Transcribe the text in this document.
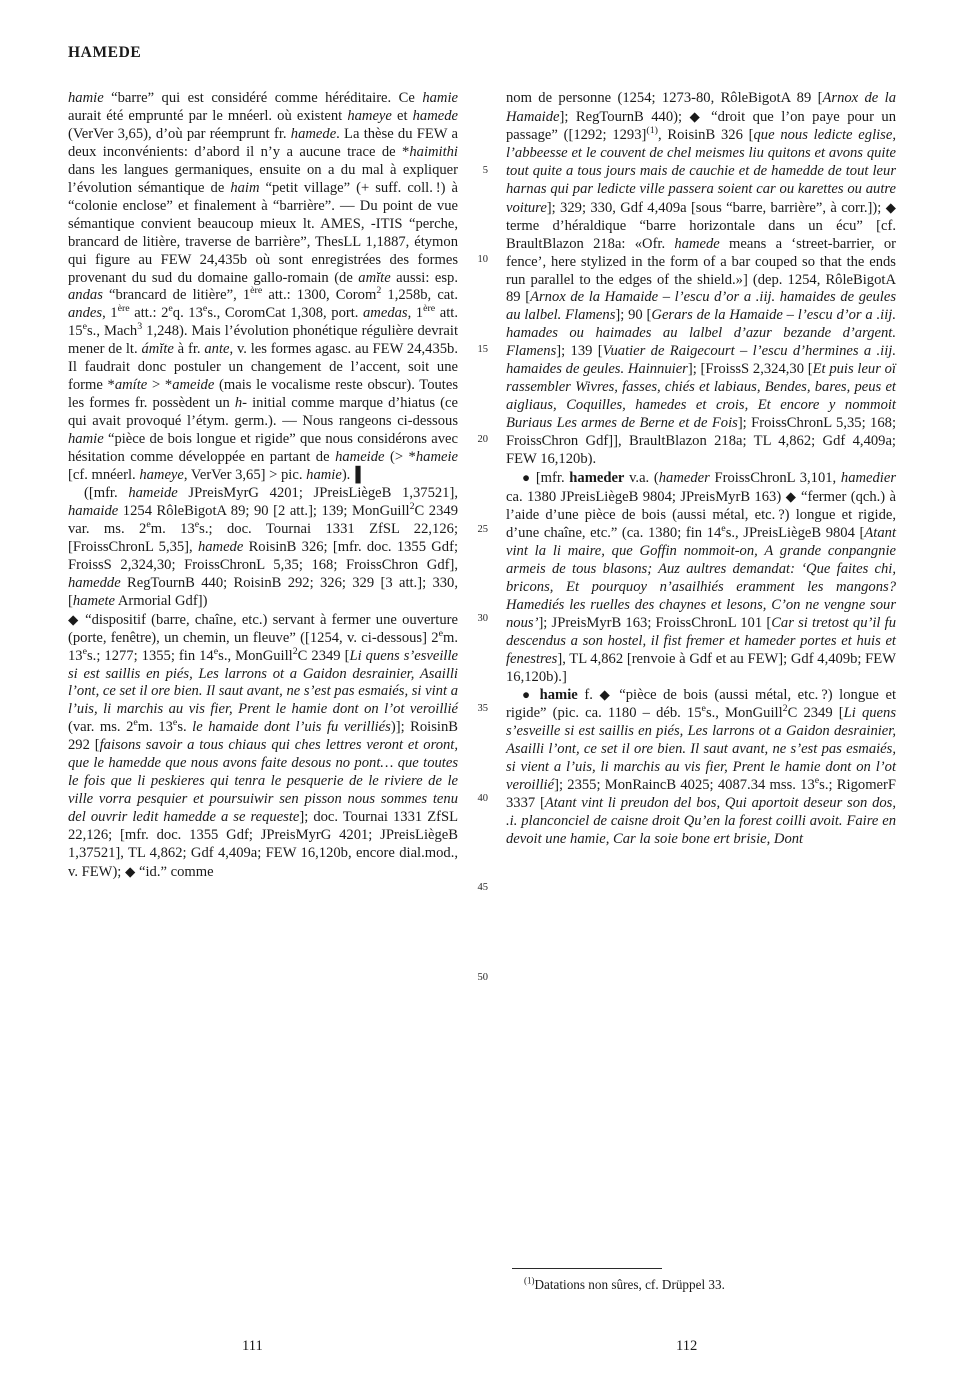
HAMEDE

hamie “barre” qui est considéré comme héréditaire. Ce hamie aurait été emprunté par le mnéerl. où existent hameye et hamede (VerVer 3,65), d’où par réemprunt fr. hamede. La thèse du FEW a deux inconvénients: d’abord il n’y a aucune trace de *haimithi dans les langues germaniques, ensuite on a du mal à expliquer l’évolution sémantique de haim “petit village” (+ suff. coll. !) à “colonie enclose” et finalement à “barrière”. — Du point de vue sémantique convient beaucoup mieux lt. AMES, -ITIS “perche, brancard de litière, traverse de barrière”, ThesLL 1,1887, étymon qui figure au FEW 24,435b où sont enregistrées des formes provenant du sud du domaine gallo-romain (de amĭte aussi: esp. andas “brancard de litière”, 1ère att.: 1300, Corom$^2$ 1,258b, cat. andes, 1ère att.: 2eq. 13es., CoromCat 1,308, port. amedas, 1ère att. 15es., Mach$^3$ 1,248). Mais l’évolution phonétique régulière devrait mener de lt. ámĭte à fr. ante, v. les formes agasc. au FEW 24,435b. Il faudrait donc postuler un changement de l’accent, soit une forme *amíte > *ameide (mais le vocalisme reste obscur). Toutes les formes fr. possèdent un h- initial comme marque d’hiatus (ce qui avait provoqué l’étym. germ.). — Nous rangeons ci-dessous hamie “pièce de bois longue et rigide” que nous considérons avec hésitation comme développée en partant de hameide (> *hameie [cf. mnéerl. hameye, VerVer 3,65] > pic. hamie).▐

([mfr. hameide JPreisMyrG 4201; JPreisLiègeB 1,37521], hamaide 1254 RôleBigotA 89; 90 [2 att.]; 139; MonGuill$^2$C 2349 var. ms. 2em. 13es.; doc. Tournai 1331 ZfSL 22,126; [FroissChronL 5,35], hamede RoisinB 326; [mfr. doc. 1355 Gdf; FroissS 2,324,30; FroissChronL 5,35; 168; FroissChron Gdf], hamedde RegTournB 440; RoisinB 292; 326; 329 [3 att.]; 330, [hamete Armorial Gdf])

◆ “dispositif (barre, chaîne, etc.) servant à fermer une ouverture (porte, fenêtre), un chemin, un fleuve” ([1254, v. ci-dessous] 2em. 13es.; 1277; 1355; fin 14es., MonGuill$^2$C 2349 [Li quens s’esveille si est saillis en piés, Les larrons ot a Gaidon desrainier, Asailli l’ont, ce set il ore bien. Il saut avant, ne s’est pas esmaiés, si vint a l’uis, li marchis au vis fier, Prent le hamie dont on l’ot veroillié (var. ms. 2em. 13es. le hamaide dont l’uis fu verilliés)]; RoisinB 292 [faisons savoir a tous chiaus qui ches lettres veront et oront, que le hamedde que nous avons faite desous no pont… que toutes le fois que li peskieres qui tenra le pesquerie de le riviere de le ville vorra pesquier et poursuiwir sen pisson nous sommes tenu del ouvrir ledit hamedde a se requeste]; doc. Tournai 1331 ZfSL 22,126; [mfr. doc. 1355 Gdf; JPreisMyrG 4201; JPreisLiègeB 1,37521], TL 4,862; Gdf 4,409a; FEW 16,120b, encore dial.mod., v. FEW); ◆ “id.” comme

nom de personne (1254; 1273-80, RôleBigotA 89 [Arnox de la Hamaide]; RegTournB 440); ◆ “droit que l’on paye pour un passage” ([1292; 1293]$^{(1)}$, RoisinB 326 [que nous ledicte eglise, l’abbeesse et le couvent de chel meismes liu quitons et avons quite tout quite a tous jours mais de cauchie et de hamedde de tout leur harnas qui par ledicte ville passera soient car ou karettes ou autre voiture]; 329; 330, Gdf 4,409a [sous “barre, barrière”, à corr.]); ◆ terme d’héraldique “barre horizontale dans un écu” [cf. BraultBlazon 218a: «Ofr. hamede means a ‘street-barrier, or fence’, here stylized in the form of a bar couped so that the ends run parallel to the edges of the shield.»] (dep. 1254, RôleBigotA 89 [Arnox de la Hamaide – l’escu d’or a .iij. hamaides de geules au lalbel. Flamens]; 90 [Gerars de la Hamaide – l’escu d’or a .iij. hamades ou haimades au lalbel d’azur bezande d’argent. Flamens]; 139 [Vuatier de Raigecourt – l’escu d’hermines a .iij. hamaides de geules. Hainnuier]; [FroissS 2,324,30 [Et puis leur oï rassembler Wivres, fasses, chiés et labiaus, Bendes, bares, peus et aigliaus, Coquilles, hamedes et crois, Et encore y nommoit Buriaus Les armes de Berne et de Fois]; FroissChronL 5,35; 168; FroissChron Gdf]], BraultBlazon 218a; TL 4,862; Gdf 4,409a; FEW 16,120b).

● [mfr. hameder v.a. (hameder FroissChronL 3,101, hamedier ca. 1380 JPreisLiègeB 9804; JPreisMyrB 163) ◆ “fermer (qch.) à l’aide d’une pièce de bois (aussi métal, etc. ?) longue et rigide, d’une chaîne, etc.” (ca. 1380; fin 14es., JPreisLiègeB 9804 [Atant vint la li maire, que Goffin nommoit-on, A grande conpangnie armeis de tous blasons; Auz aultres demandat: ‘Que faites chi, bricons, Et pourquoy n’asailhiés eramment les mangons? Hamediés les ruelles des chaynes et lesons, C’on ne vengne sour nous’]; JPreisMyrB 163; FroissChronL 101 [Car si tretost qu’il fu descendus a son hostel, il fist fremer et hameder portes et huis et fenestres], TL 4,862 [renvoie à Gdf et au FEW]; Gdf 4,409b; FEW 16,120b).]

● hamie f. ◆ “pièce de bois (aussi métal, etc. ?) longue et rigide” (pic. ca. 1180 – déb. 15es., MonGuill$^2$C 2349 [Li quens s’esveille si est saillis en piés, Les larrons ot a Gaidon desrainier, Asailli l’ont, ce set il ore bien. Il saut avant, ne s’est pas esmaiés, si vient a l’uis, li marchis au vis fier, Prent le hamie dont on l’ot veroillié]; 2355; MonRaincB 4025; 4087.34 mss. 13es.; RigomerF 3337 [Atant vint li preudon del bos, Qui aportoit deseur son dos, .i. planconciel de caisne droit Qu’en la forest coilli avoit. Faire en devoit une hamie, Car la soie bone ert brisie, Dont

5

10

15

20

25

30

35

40

45

50

$^{(1)}$Datations non sûres, cf. Drüppel 33.
111	112
